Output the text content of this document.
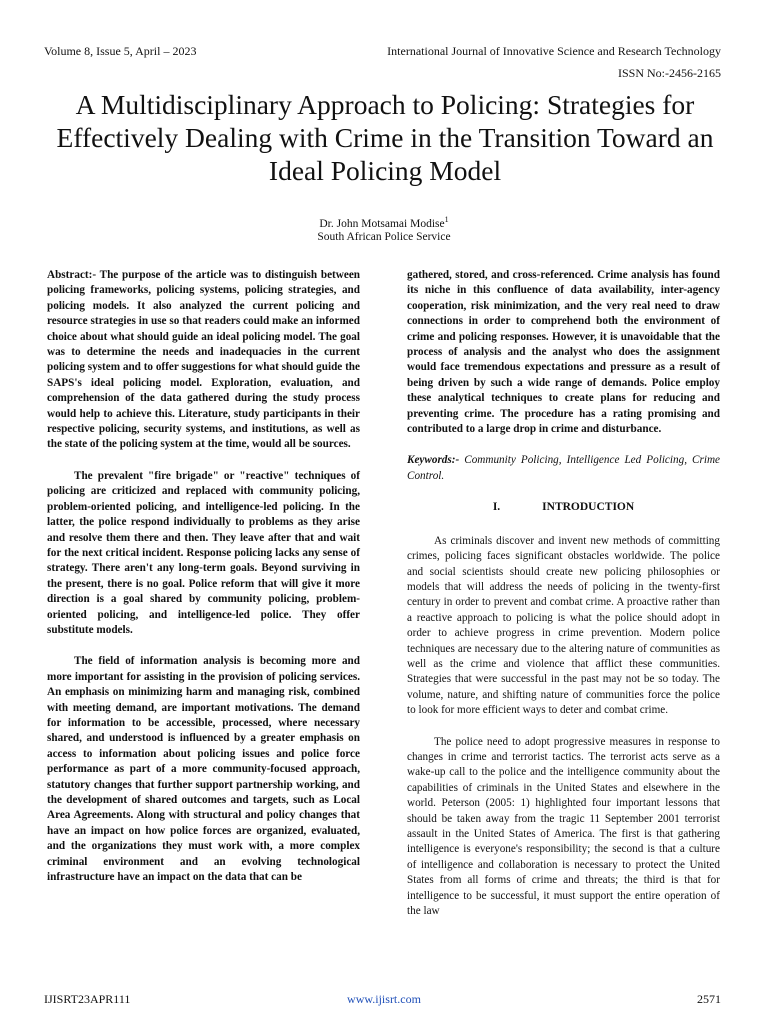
Volume 8, Issue 5, April – 2023	International Journal of Innovative Science and Research Technology
ISSN No:-2456-2165
A Multidisciplinary Approach to Policing: Strategies for Effectively Dealing with Crime in the Transition Toward an Ideal Policing Model
Dr. John Motsamai Modise$^1$
South African Police Service

Abstract:- The purpose of the article was to distinguish between policing frameworks, policing systems, policing strategies, and policing models. It also analyzed the current policing and resource strategies in use so that readers could make an informed choice about what should guide an ideal policing model. The goal was to determine the needs and inadequacies in the current policing system and to offer suggestions for what should guide the SAPS's ideal policing model. Exploration, evaluation, and comprehension of the data gathered during the study process would help to achieve this. Literature, study participants in their respective policing, security systems, and institutions, as well as the state of the policing system at the time, would all be sources.

The prevalent "fire brigade" or "reactive" techniques of policing are criticized and replaced with community policing, problem-oriented policing, and intelligence-led policing. In the latter, the police respond individually to problems as they arise and resolve them there and then. They leave after that and wait for the next critical incident. Response policing lacks any sense of strategy. There aren't any long-term goals. Beyond surviving in the present, there is no goal. Police reform that will give it more direction is a goal shared by community policing, problem-oriented policing, and intelligence-led police. They offer substitute models.

The field of information analysis is becoming more and more important for assisting in the provision of policing services. An emphasis on minimizing harm and managing risk, combined with meeting demand, are important motivations. The demand for information to be accessible, processed, where necessary shared, and understood is influenced by a greater emphasis on access to information about policing issues and police force performance as part of a more community-focused approach, statutory changes that further support partnership working, and the development of shared outcomes and targets, such as Local Area Agreements. Along with structural and policy changes that have an impact on how police forces are organized, evaluated, and the organizations they must work with, a more complex criminal environment and an evolving technological infrastructure have an impact on the data that can be

gathered, stored, and cross-referenced. Crime analysis has found its niche in this confluence of data availability, inter-agency cooperation, risk minimization, and the very real need to draw connections in order to comprehend both the environment of crime and policing responses. However, it is unavoidable that the process of analysis and the analyst who does the assignment would face tremendous expectations and pressure as a result of being driven by such a wide range of demands. Police employ these analytical techniques to create plans for reducing and preventing crime. The procedure has a rating promising and contributed to a large drop in crime and disturbance.

Keywords:- Community Policing, Intelligence Led Policing, Crime Control.

I.	INTRODUCTION

As criminals discover and invent new methods of committing crimes, policing faces significant obstacles worldwide. The police and social scientists should create new policing philosophies or models that will address the needs of policing in the twenty-first century in order to prevent and combat crime. A proactive rather than a reactive approach to policing is what the police should adopt in order to achieve progress in crime prevention. Modern police techniques are necessary due to the altering nature of communities as well as the crime and violence that afflict these communities. Strategies that were successful in the past may not be so today. The volume, nature, and shifting nature of communities force the police to look for more efficient ways to deter and combat crime.

The police need to adopt progressive measures in response to changes in crime and terrorist tactics. The terrorist acts serve as a wake-up call to the police and the intelligence community about the capabilities of criminals in the United States and elsewhere in the world. Peterson (2005: 1) highlighted four important lessons that should be taken away from the tragic 11 September 2001 terrorist assault in the United States of America. The first is that gathering intelligence is everyone's responsibility; the second is that a culture of intelligence and collaboration is necessary to protect the United States from all forms of crime and threats; the third is that for intelligence to be successful, it must support the entire operation of the law

IJISRT23APR111	www.ijisrt.com	2571
